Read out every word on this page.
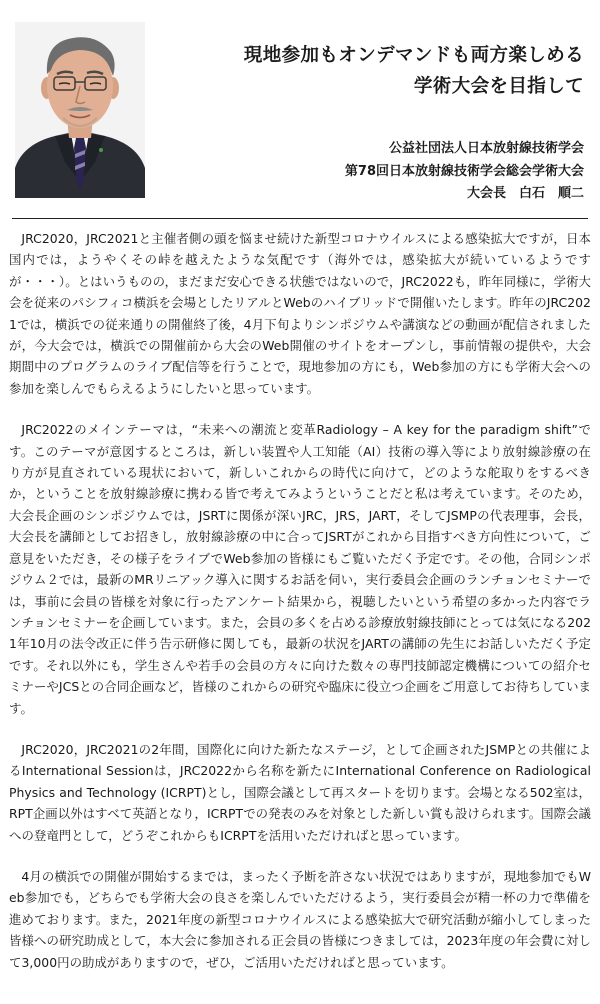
現地参加もオンデマンドも両方楽しめる
学術大会を目指して
公益社団法人日本放射線技術学会
第78回日本放射線技術学会総会学術大会
大会長　白石　順二

JRC2020，JRC2021と主催者側の頭を悩ませ続けた新型コロナウイルスによる感染拡大ですが，日本国内では，ようやくその峠を越えたような気配です（海外では，感染拡大が続いているようですが・・・）。とはいうものの，まだまだ安心できる状態ではないので，JRC2022も，昨年同様に，学術大会を従来のパシフィコ横浜を会場としたリアルとWebのハイブリッドで開催いたします。昨年のJRC2021では，横浜での従来通りの開催終了後，4月下旬よりシンポジウムや講演などの動画が配信されましたが，今大会では，横浜での開催前から大会のWeb開催のサイトをオープンし，事前情報の提供や，大会期間中のプログラムのライブ配信等を行うことで，現地参加の方にも，Web参加の方にも学術大会への参加を楽しんでもらえるようにしたいと思っています。

JRC2022のメインテーマは，“未来への潮流と変革Radiology – A key for the paradigm shift”です。このテーマが意図するところは，新しい装置や人工知能（AI）技術の導入等により放射線診療の在り方が見直されている現状において，新しいこれからの時代に向けて，どのような舵取りをするべきか，ということを放射線診療に携わる皆で考えてみようということだと私は考えています。そのため，大会長企画のシンポジウムでは，JSRTに関係が深いJRC，JRS，JART，そしてJSMPの代表理事，会長，大会長を講師としてお招きし，放射線診療の中に合ってJSRTがこれから目指すべき方向性について，ご意見をいただき，その様子をライブでWeb参加の皆様にもご覧いただく予定です。その他，合同シンポジウム２では，最新のMRリニアック導入に関するお話を伺い，実行委員会企画のランチョンセミナーでは，事前に会員の皆様を対象に行ったアンケート結果から，視聴したいという希望の多かった内容でランチョンセミナーを企画しています。また，会員の多くを占める診療放射線技師にとっては気になる2021年10月の法令改正に伴う告示研修に関しても，最新の状況をJARTの講師の先生にお話しいただく予定です。それ以外にも，学生さんや若手の会員の方々に向けた数々の専門技師認定機構についての紹介セミナーやJCSとの合同企画など，皆様のこれからの研究や臨床に役立つ企画をご用意してお待ちしています。

JRC2020，JRC2021の2年間，国際化に向けた新たなステージ，として企画されたJSMPとの共催によるInternational Sessionは，JRC2022から名称を新たにInternational Conference on Radiological Physics and Technology (ICRPT)とし，国際会議として再スタートを切ります。会場となる502室は，RPT企画以外はすべて英語となり，ICRPTでの発表のみを対象とした新しい賞も設けられます。国際会議への登竜門として，どうぞこれからもICRPTを活用いただければと思っています。

4月の横浜での開催が開始するまでは，まったく予断を許さない状況ではありますが，現地参加でもWeb参加でも，どちらでも学術大会の良さを楽しんでいただけるよう，実行委員会が精一杯の力で準備を進めております。また，2021年度の新型コロナウイルスによる感染拡大で研究活動が縮小してしまった皆様への研究助成として，本大会に参加される正会員の皆様につきましては，2023年度の年会費に対して3,000円の助成がありますので，ぜひ，ご活用いただければと思っています。
